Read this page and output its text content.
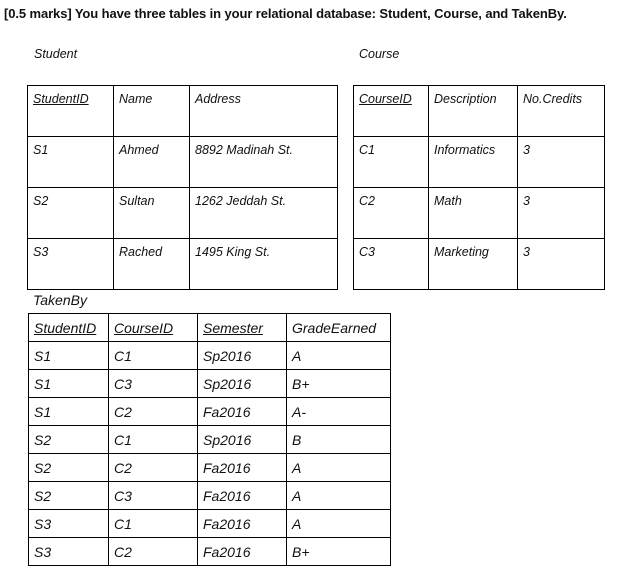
[0.5 marks] You have three tables in your relational database: Student, Course, and TakenBy.
Student	Course
TakenBy
StudentID	Name	Address
S1	Ahmed	8892 Madinah St.
S2	Sultan	1262 Jeddah St.
S3	Rached	1495 King St.
CourseID	Description	No.Credits
C1	Informatics	3
C2	Math	3
C3	Marketing	3
StudentID	CourseID	Semester	GradeEarned
S1	C1	Sp2016	A
S1	C3	Sp2016	B+
S1	C2	Fa2016	A-
S2	C1	Sp2016	B
S2	C2	Fa2016	A
S2	C3	Fa2016	A
S3	C1	Fa2016	A
S3	C2	Fa2016	B+
